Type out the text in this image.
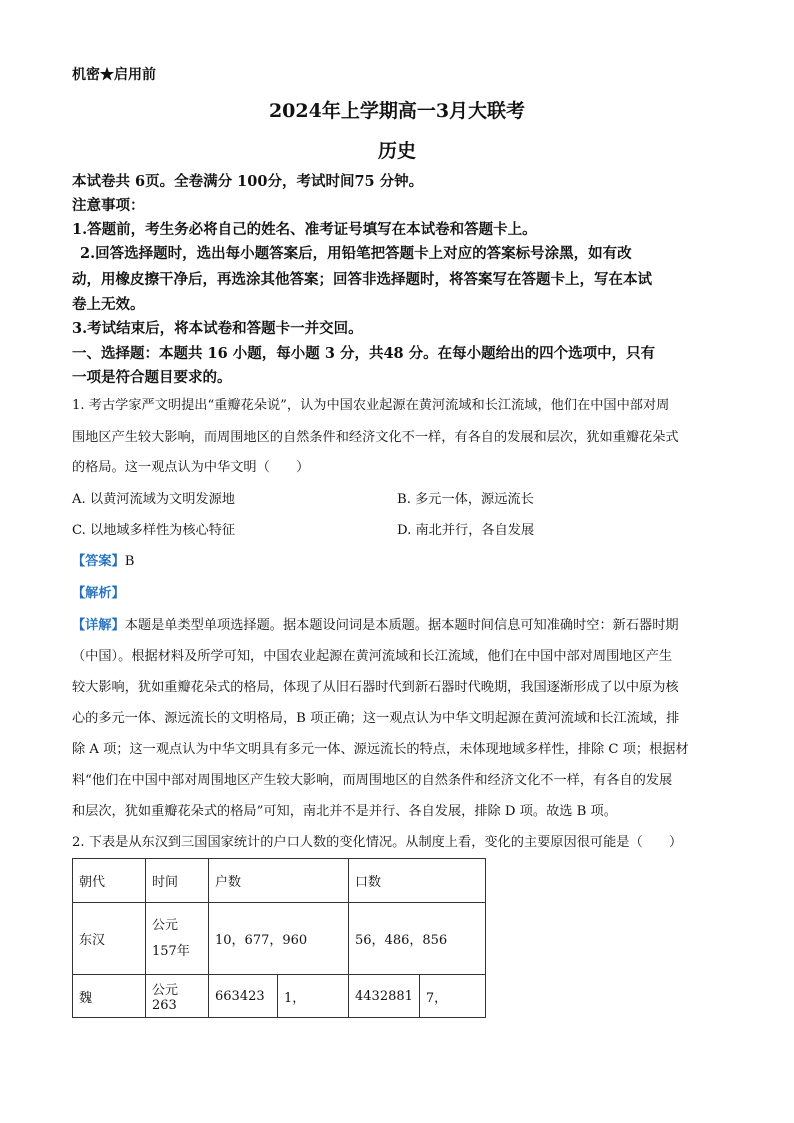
机密★启用前
2024年上学期高一3月大联考
历史
本试卷共 6页。全卷满分 100分，考试时间75 分钟。
注意事项：
1.答题前，考生务必将自己的姓名、准考证号填写在本试卷和答题卡上。
2.回答选择题时，选出每小题答案后，用铅笔把答题卡上对应的答案标号涂黑，如有改
动，用橡皮擦干净后，再选涂其他答案；回答非选择题时，将答案写在答题卡上，写在本试
卷上无效。
3.考试结束后，将本试卷和答题卡一并交回。
一、选择题：本题共 16 小题，每小题 3 分，共48 分。在每小题给出的四个选项中，只有
一项是符合题目要求的。
1. 考古学家严文明提出“重瓣花朵说”，认为中国农业起源在黄河流域和长江流域，他们在中国中部对周
围地区产生较大影响，而周围地区的自然条件和经济文化不一样，有各自的发展和层次，犹如重瓣花朵式
的格局。这一观点认为中华文明（　　）
A. 以黄河流域为文明发源地	B. 多元一体，源远流长
C. 以地域多样性为核心特征	D. 南北并行，各自发展
【答案】B
【解析】
【详解】本题是单类型单项选择题。据本题设问词是本质题。据本题时间信息可知准确时空：新石器时期
（中国）。根据材料及所学可知，中国农业起源在黄河流域和长江流域，他们在中国中部对周围地区产生
较大影响，犹如重瓣花朵式的格局，体现了从旧石器时代到新石器时代晚期，我国逐渐形成了以中原为核
心的多元一体、源远流长的文明格局，B 项正确；这一观点认为中华文明起源在黄河流域和长江流域，排
除 A 项；这一观点认为中华文明具有多元一体、源远流长的特点，未体现地域多样性，排除 C 项；根据材
料“他们在中国中部对周围地区产生较大影响，而周围地区的自然条件和经济文化不一样，有各自的发展
和层次，犹如重瓣花朵式的格局”可知，南北并不是并行、各自发展，排除 D 项。故选 B 项。
2. 下表是从东汉到三国国家统计的户口人数的变化情况。从制度上看，变化的主要原因很可能是（　　）
朝代	时间	户数		口数	
东汉	公元157年	10，677，960		56，486，856	
魏	公元263	663423	1，	4432881	7，
